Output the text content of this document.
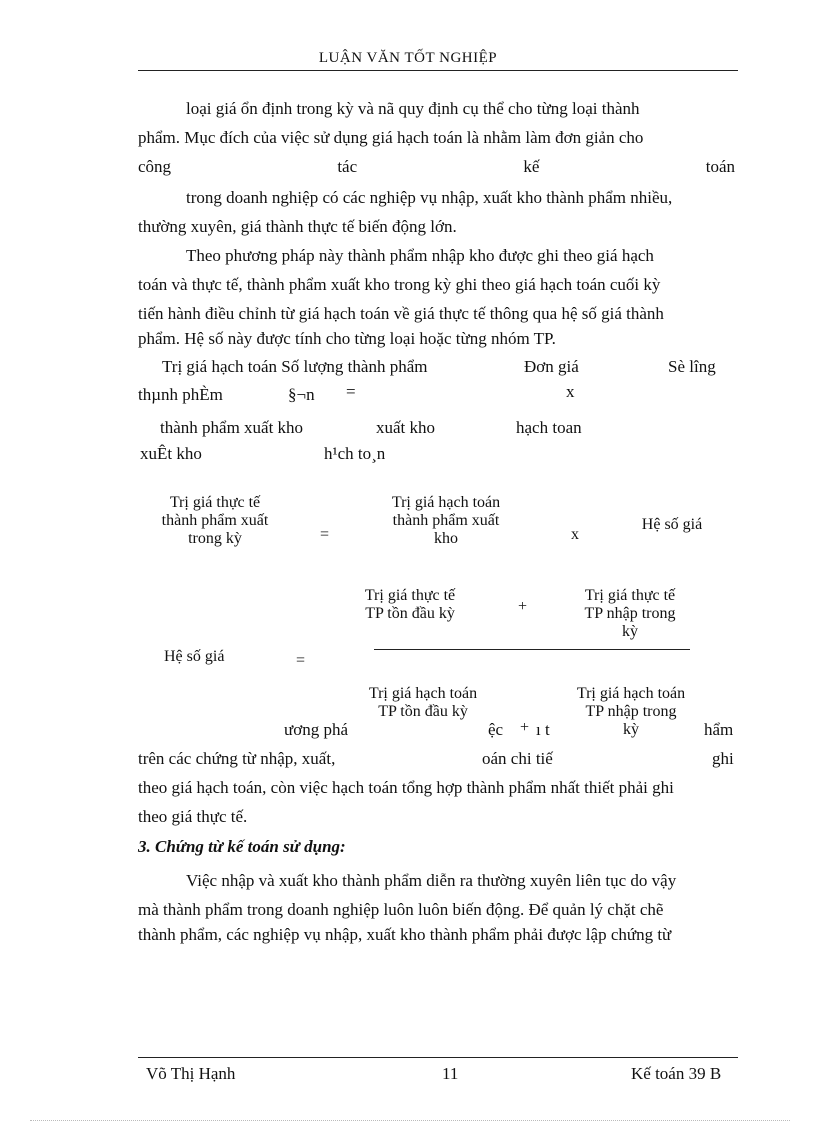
LUẬN VĂN TỐT NGHIỆP
loại giá ổn định trong kỳ và nã quy định cụ thể cho từng loại thành
phẩm. Mục đích của việc sử dụng giá hạch toán là nhằm làm đơn giản cho
công	tác	kế	toán
trong doanh nghiệp có các nghiệp vụ nhập, xuất kho thành phẩm nhiều,
thường xuyên, giá thành thực tế biến động lớn.
Theo phương pháp này thành phẩm nhập kho được ghi theo giá hạch
toán và thực tế, thành phẩm xuất kho trong kỳ ghi theo giá hạch toán cuối kỳ
tiến hành điều chỉnh từ giá hạch toán về giá thực tế thông qua hệ số giá thành
phẩm. Hệ số này được tính cho từng loại hoặc từng nhóm TP.
Trị giá hạch toán Số lượng thành phẩm	Đơn giá	Sè lîng
thµnh phÈm	§¬n =	x
thành phẩm xuất kho	xuất kho	hạch toan
xuÊt kho	h¹ch to¸n
Trị giá thực tế thành phẩm xuất trong kỳ	=
Trị giá hạch toán thành phẩm xuất kho	x
Hệ số giá
Trị giá thực tế TP tồn đầu kỳ	+
Trị giá thực tế TP nhập trong kỳ
Hệ số giá	=
Trị giá hạch toán TP tồn đầu kỳ
+
Trị giá hạch toán TP nhập trong kỳ
ương phá	ệc ı t	hẩm
trên các chứng từ nhập, xuất,	oán chi tiế	ghi
theo giá hạch toán, còn việc hạch toán tổng hợp thành phẩm nhất thiết phải ghi
theo giá thực tế.
3. Chứng từ kế toán sử dụng:
Việc nhập và xuất kho thành phẩm diễn ra thường xuyên liên tục do vậy
mà thành phẩm trong doanh nghiệp luôn luôn biến động. Để quản lý chặt chẽ
thành phẩm, các nghiệp vụ nhập, xuất kho thành phẩm phải được lập chứng từ
Võ Thị Hạnh	11	Kế toán 39 B
